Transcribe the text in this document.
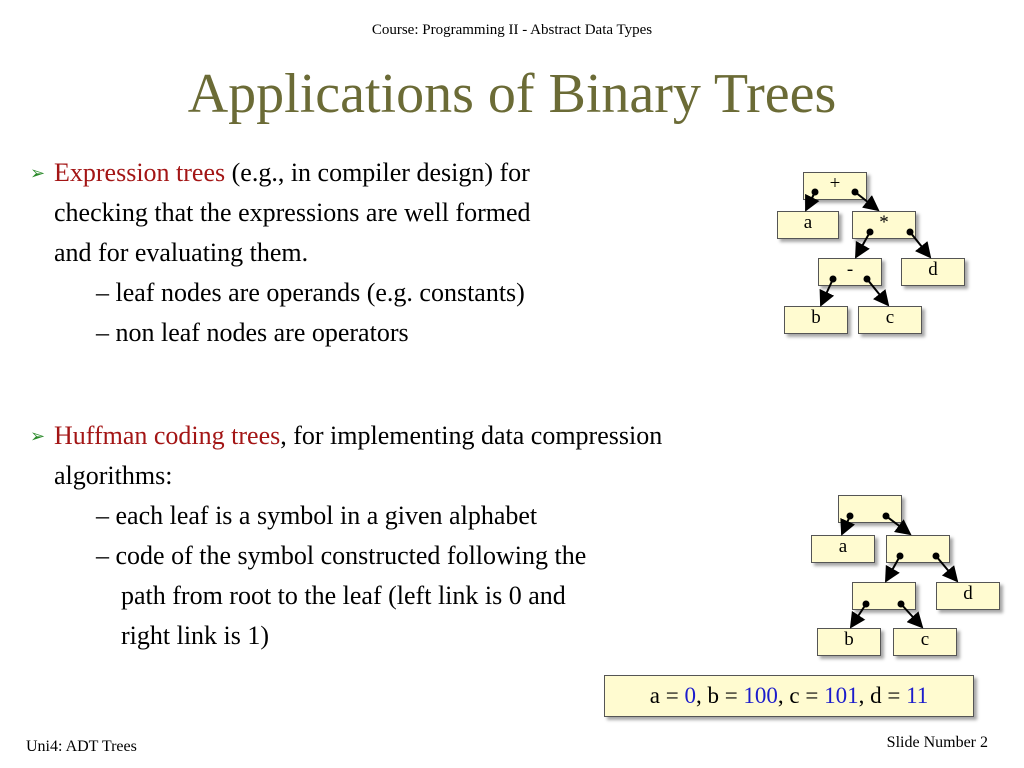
Course: Programming II - Abstract Data Types
Applications of Binary Trees
➢ Expression trees (e.g., in compiler design) for
checking that the expressions are well formed
and for evaluating them.
– leaf nodes are operands (e.g. constants)
– non leaf nodes are operators
➢ Huffman coding trees, for implementing data compression
algorithms:
– each leaf is a symbol in a given alphabet
– code of the symbol constructed following the
path from root to the leaf (left link is 0 and
right link is 1)
+
a	*
-	d
b	c
a
d
b	c
a = 0, b = 100, c = 101, d = 11
Uni4: ADT Trees	Slide Number 2
